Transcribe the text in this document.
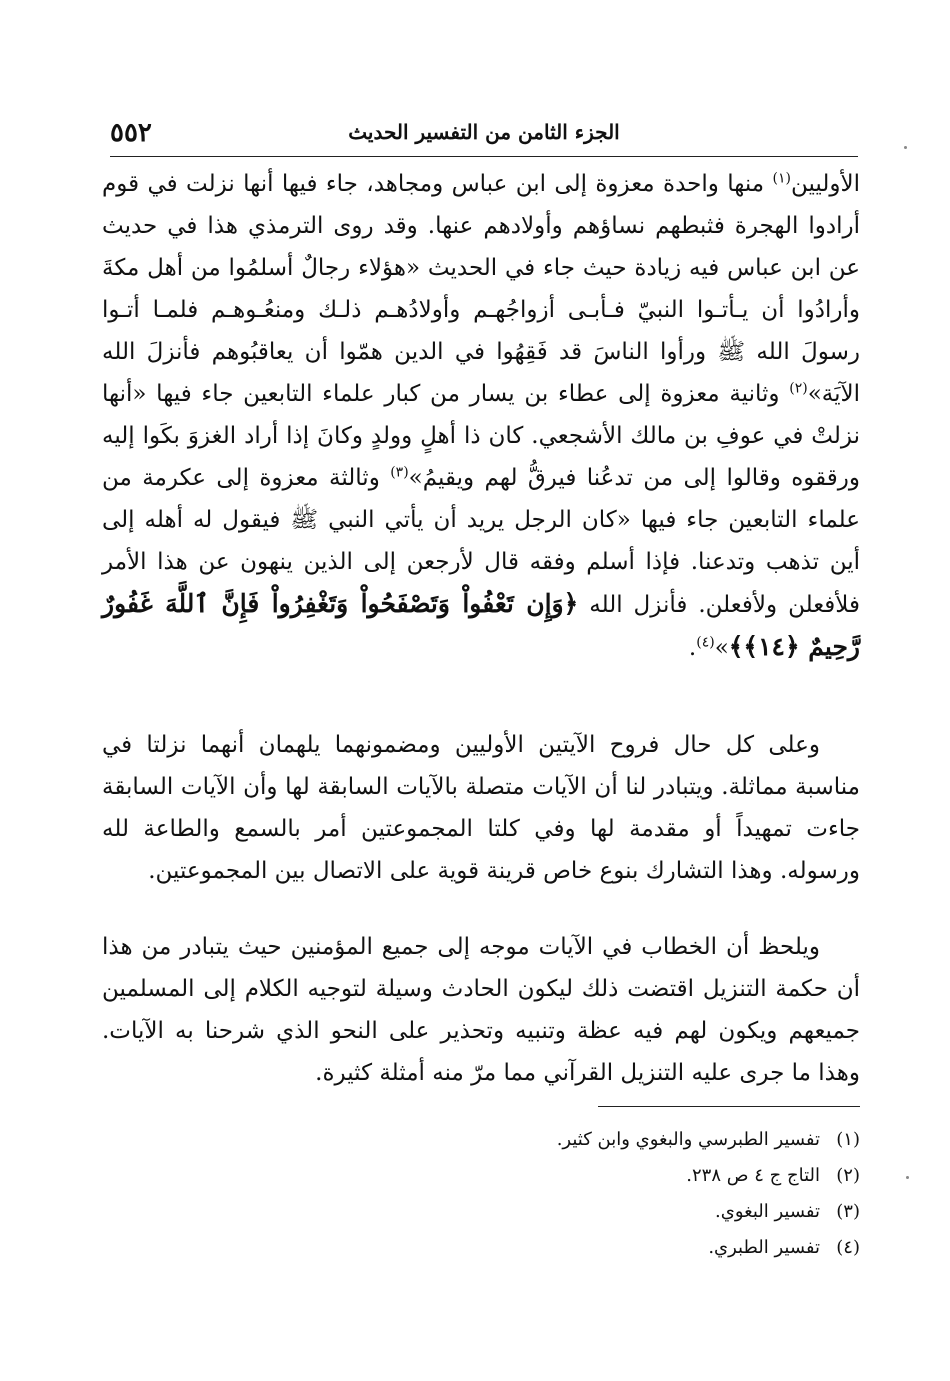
٥٥٢	الجزء الثامن من التفسير الحديث

الأوليين$^{(١)}$ منها واحدة معزوة إلى ابن عباس ومجاهد، جاء فيها أنها نزلت في قوم أرادوا الهجرة فثبطهم نساؤهم وأولادهم عنها. وقد روى الترمذي هذا في حديث عن ابن عباس فيه زيادة حيث جاء في الحديث «هؤلاء رجالٌ أسلمُوا من أهل مكةَ وأرادُوا أن يـأتـوا النبيّ فـأبـى أزواجُهـم وأولادُهـم ذلـك ومنعُـوهـم فلمـا أتـوا رسولَ الله ﷺ ورأوا الناسَ قد فَقِهُوا في الدين همّوا أن يعاقبُوهم فأنزلَ الله الآيَة»$^{(٢)}$ وثانية معزوة إلى عطاء بن يسار من كبار علماء التابعين جاء فيها «أنها نزلتْ في عوفِ بن مالك الأشجعي. كان ذا أهلٍ وولدٍ وكانَ إذا أراد الغزوَ بكَوا إليه ورققوه وقالوا إلى من تدعُنا فيرقُّ لهم ويقيمُ»$^{(٣)}$ وثالثة معزوة إلى عكرمة من علماء التابعين جاء فيها «كان الرجل يريد أن يأتي النبي ﷺ فيقول له أهله إلى أين تذهب وتدعنا. فإذا أسلم وفقه قال لأرجعن إلى الذين ينهون عن هذا الأمر فلأفعلن ولأفعلن. فأنزل الله ﴿وَإِن تَعْفُواْ وَتَصْفَحُواْ وَتَغْفِرُواْ فَإِنَّ ٱللَّهَ غَفُورٌ رَّحِيمٌ ﴿١٤﴾﴾»$^{(٤)}$.

وعلى كل حال فروح الآيتين الأوليين ومضمونهما يلهمان أنهما نزلتا في مناسبة مماثلة. ويتبادر لنا أن الآيات متصلة بالآيات السابقة لها وأن الآيات السابقة جاءت تمهيداً أو مقدمة لها وفي كلتا المجموعتين أمر بالسمع والطاعة لله ورسوله. وهذا التشارك بنوع خاص قرينة قوية على الاتصال بين المجموعتين.

ويلحظ أن الخطاب في الآيات موجه إلى جميع المؤمنين حيث يتبادر من هذا أن حكمة التنزيل اقتضت ذلك ليكون الحادث وسيلة لتوجيه الكلام إلى المسلمين جميعهم ويكون لهم فيه عظة وتنبيه وتحذير على النحو الذي شرحنا به الآيات. وهذا ما جرى عليه التنزيل القرآني مما مرّ منه أمثلة كثيرة.

(١)تفسير الطبرسي والبغوي وابن كثير.
(٢)التاج ج ٤ ص ٢٣٨.
(٣)تفسير البغوي.
(٤)تفسير الطبري.
